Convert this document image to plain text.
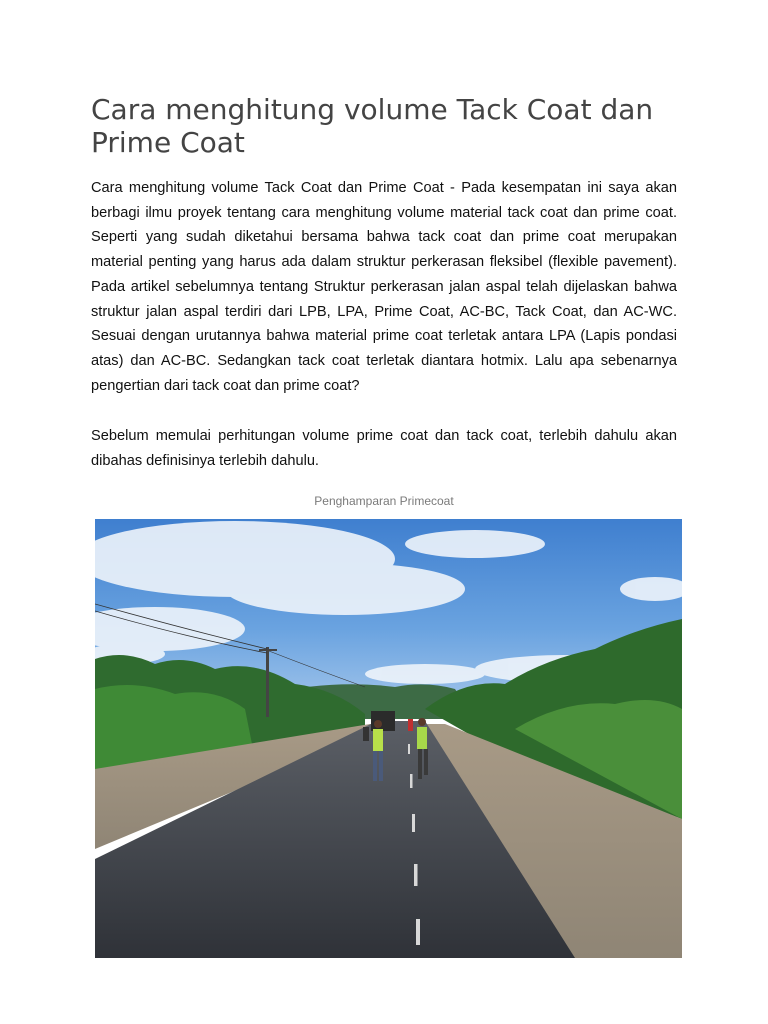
Cara menghitung volume Tack Coat dan Prime Coat

Cara menghitung volume Tack Coat dan Prime Coat - Pada kesempatan ini saya akan berbagi ilmu proyek tentang cara menghitung volume material tack coat dan prime coat. Seperti yang sudah diketahui bersama bahwa tack coat dan prime coat merupakan material penting yang harus ada dalam struktur perkerasan fleksibel (flexible pavement). Pada artikel sebelumnya tentang Struktur perkerasan jalan aspal telah dijelaskan bahwa struktur jalan aspal terdiri dari LPB, LPA, Prime Coat, AC-BC, Tack Coat, dan AC-WC. Sesuai dengan urutannya bahwa material prime coat terletak antara LPA (Lapis pondasi atas) dan AC-BC. Sedangkan tack coat terletak diantara hotmix. Lalu apa sebenarnya pengertian dari tack coat dan prime coat?

Sebelum memulai perhitungan volume prime coat dan tack coat, terlebih dahulu akan dibahas definisinya terlebih dahulu.

Penghamparan Primecoat
